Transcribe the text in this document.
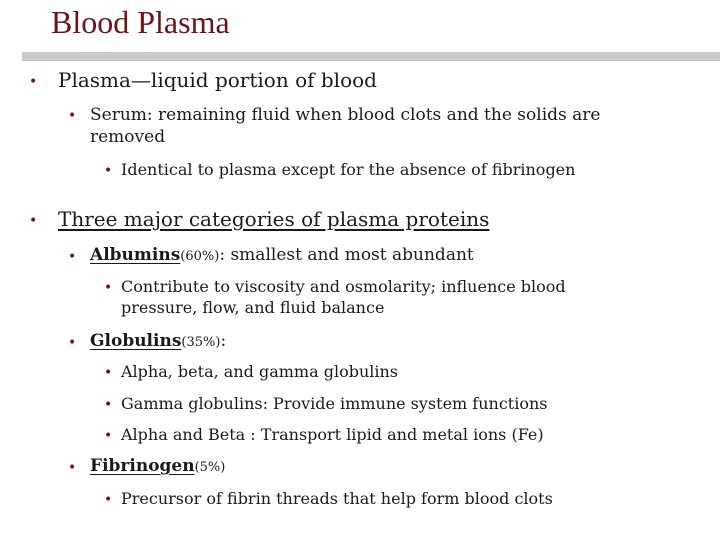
Blood Plasma
• Plasma—liquid portion of blood
• Serum: remaining fluid when blood clots and the solids are
removed
• Identical to plasma except for the absence of fibrinogen
• Three major categories of plasma proteins
• Albumins(60%): smallest and most abundant
• Contribute to viscosity and osmolarity; influence blood
pressure, flow, and fluid balance
• Globulins(35%):
• Alpha, beta, and gamma globulins
• Gamma globulins: Provide immune system functions
• Alpha and Beta : Transport lipid and metal ions (Fe)
• Fibrinogen(5%)
• Precursor of fibrin threads that help form blood clots
